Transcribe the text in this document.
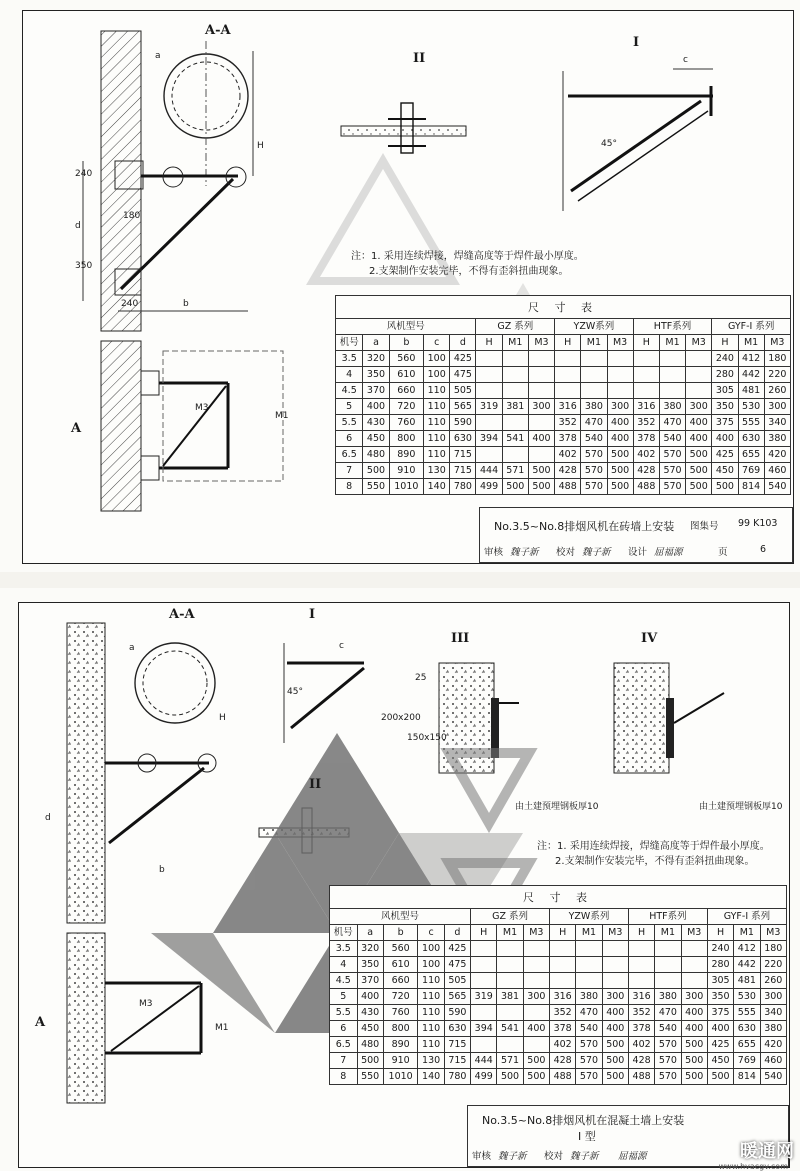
A-A
II
I
A
a
b
c
d
H
M1
M3
240
180
350
240
45°
注：1. 采用连续焊接，焊缝高度等于焊件最小厚度。
2.支架制作安装完毕，不得有歪斜扭曲现象。
尺 寸 表																
风机型号					GZ 系列			YZW系列			HTF系列			GYF-I 系列		
机号	a	b	c	d	H	M1	M3	H	M1	M3	H	M1	M3	H	M1	M3
3.5	320	560	100	425										240	412	180
4	350	610	100	475										280	442	220
4.5	370	660	110	505										305	481	260
5	400	720	110	565	319	381	300	316	380	300	316	380	300	350	530	300
5.5	430	760	110	590				352	470	400	352	470	400	375	555	340
6	450	800	110	630	394	541	400	378	540	400	378	540	400	400	630	380
6.5	480	890	110	715				402	570	500	402	570	500	425	655	420
7	500	910	130	715	444	571	500	428	570	500	428	570	500	450	769	460
8	550	1010	140	780	499	500	500	488	570	500	488	570	500	500	814	540
No.3.5~No.8排烟风机在砖墙上安装 图集号 99 K103
审核 魏子新 校对 魏子新 设计 屈福源	页	6
A-A	I
III	IV
II
A
a
b
c
d
H
M1
M3
25
200x200
150x150
45°
由土建预埋钢板厚10	由土建预埋钢板厚10
注：1. 采用连续焊接，焊缝高度等于焊件最小厚度。
2.支架制作安装完毕，不得有歪斜扭曲现象。
尺 寸 表																
风机型号					GZ 系列			YZW系列			HTF系列			GYF-I 系列		
机号	a	b	c	d	H	M1	M3	H	M1	M3	H	M1	M3	H	M1	M3
3.5	320	560	100	425										240	412	180
4	350	610	100	475										280	442	220
4.5	370	660	110	505										305	481	260
5	400	720	110	565	319	381	300	316	380	300	316	380	300	350	530	300
5.5	430	760	110	590				352	470	400	352	470	400	375	555	340
6	450	800	110	630	394	541	400	378	540	400	378	540	400	400	630	380
6.5	480	890	110	715				402	570	500	402	570	500	425	655	420
7	500	910	130	715	444	571	500	428	570	500	428	570	500	450	769	460
8	550	1010	140	780	499	500	500	488	570	500	488	570	500	500	814	540
No.3.5~No.8排烟风机在混凝土墙上安装
I 型
审核 魏子新 校对 魏子新 屈福源	暖通网
www.hvacgv.com
